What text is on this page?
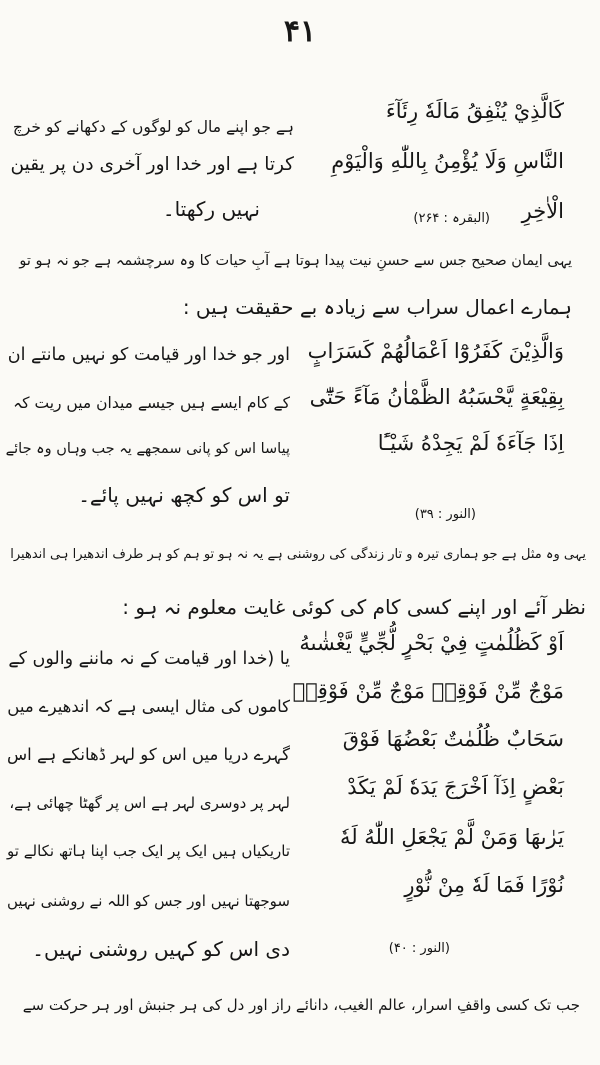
۴۱
كَالَّذِيْ يُنْفِقُ مَالَهٗ رِئَآءَ
النَّاسِ وَلَا يُؤْمِنُ بِاللّٰهِ وَالْيَوْمِ
الْاٰخِرِ
(البقرہ : ۲۶۴)
ہے جو اپنے مال کو لوگوں کے دکھانے کو خرچ
کرتا ہے اور خدا اور آخری دن پر یقین
نہیں رکھتا۔
یہی ایمان صحیح جس سے حسنِ نیت پیدا ہوتا ہے آبِ حیات کا وہ سرچشمہ ہے جو نہ ہو تو
ہمارے اعمال سراب سے زیادہ بے حقیقت ہیں :
وَالَّذِيْنَ كَفَرُوْٓا اَعْمَالُهُمْ كَسَرَابٍ
بِقِيْعَةٍ يَّحْسَبُهُ الظَّمْاٰنُ مَآءً حَتّٰٓى
اِذَا جَآءَهٗ لَمْ يَجِدْهُ شَيْـًٔا
(النور : ۳۹)
اور جو خدا اور قیامت کو نہیں مانتے ان
کے کام ایسے ہیں جیسے میدان میں ریت کہ
پیاسا اس کو پانی سمجھے یہ جب وہاں وہ جائے
تو اس کو کچھ نہیں پائے۔
یہی وہ مثل ہے جو ہماری تیرہ و تار زندگی کی روشنی ہے یہ نہ ہو تو ہم کو ہر طرف اندھیرا ہی اندھیرا
نظر آئے اور اپنے کسی کام کی کوئی غایت معلوم نہ ہو :
اَوْ كَظُلُمٰتٍ فِيْ بَحْرٍ لُّجِّيٍّ يَّغْشٰىهُ
مَوْجٌ مِّنْ فَوْقِهٖ مَوْجٌ مِّنْ فَوْقِهٖ
سَحَابٌ ظُلُمٰتٌ بَعْضُهَا فَوْقَ
بَعْضٍ اِذَآ اَخْرَجَ يَدَهٗ لَمْ يَكَدْ
يَرٰىهَا وَمَنْ لَّمْ يَجْعَلِ اللّٰهُ لَهٗ
نُوْرًا فَمَا لَهٗ مِنْ نُّوْرٍ
(النور : ۴۰)
یا (خدا اور قیامت کے نہ ماننے والوں کے
کاموں کی مثال ایسی ہے کہ اندھیرے میں
گہرے دریا میں اس کو لہر ڈھانکے ہے اس
لہر پر دوسری لہر ہے اس پر گھٹا چھائی ہے،
تاریکیاں ہیں ایک پر ایک جب اپنا ہاتھ نکالے تو
سوجھتا نہیں اور جس کو اللہ نے روشنی نہیں
دی اس کو کہیں روشنی نہیں۔
جب تک کسی واقفِ اسرار، عالم الغیب، دانائے راز اور دل کی ہر جنبش اور ہر حرکت سے
